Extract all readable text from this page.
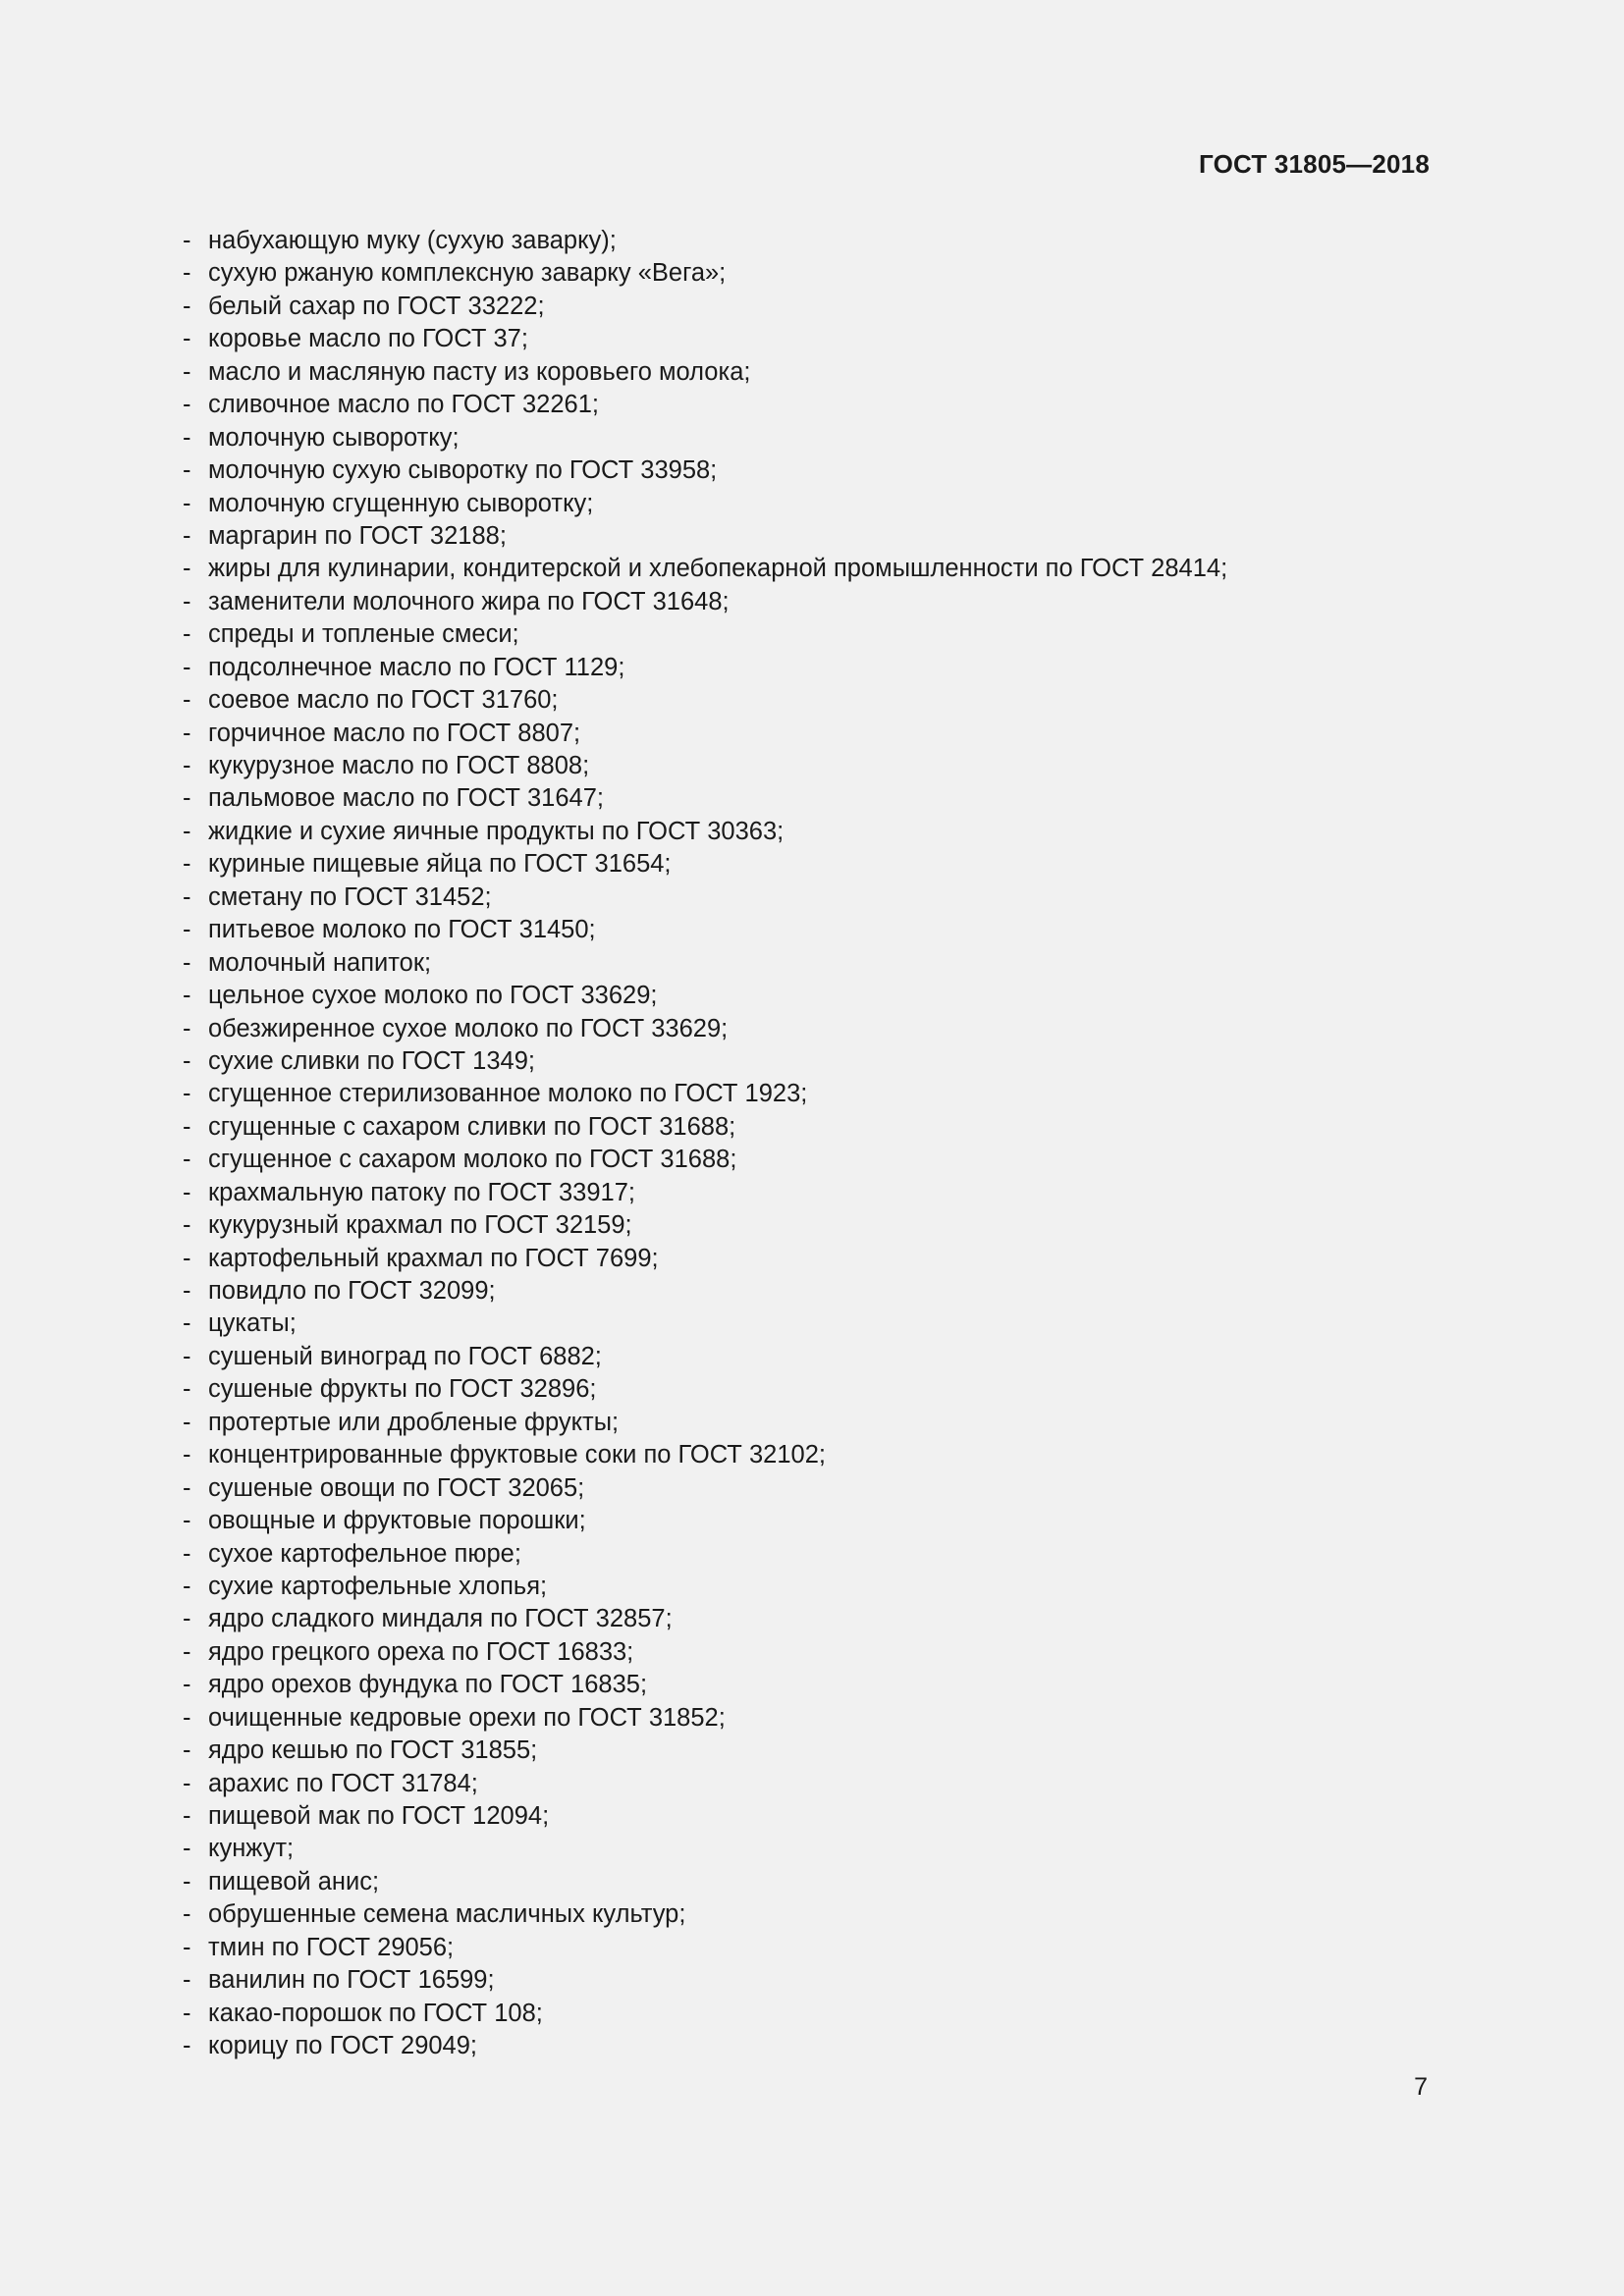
ГОСТ 31805—2018
- набухающую муку (сухую заварку);
- сухую ржаную комплексную заварку «Вега»;
- белый сахар по ГОСТ 33222;
- коровье масло по ГОСТ 37;
- масло и масляную пасту из коровьего молока;
- сливочное масло по ГОСТ 32261;
- молочную сыворотку;
- молочную сухую сыворотку по ГОСТ 33958;
- молочную сгущенную сыворотку;
- маргарин по ГОСТ 32188;
- жиры для кулинарии, кондитерской и хлебопекарной промышленности по ГОСТ 28414;
- заменители молочного жира по ГОСТ 31648;
- спреды и топленые смеси;
- подсолнечное масло по ГОСТ 1129;
- соевое масло по ГОСТ 31760;
- горчичное масло по ГОСТ 8807;
- кукурузное масло по ГОСТ 8808;
- пальмовое масло по ГОСТ 31647;
- жидкие и сухие яичные продукты по ГОСТ 30363;
- куриные пищевые яйца по ГОСТ 31654;
- сметану по ГОСТ 31452;
- питьевое молоко по ГОСТ 31450;
- молочный напиток;
- цельное сухое молоко по ГОСТ 33629;
- обезжиренное сухое молоко по ГОСТ 33629;
- сухие сливки по ГОСТ 1349;
- сгущенное стерилизованное молоко по ГОСТ 1923;
- сгущенные с сахаром сливки по ГОСТ 31688;
- сгущенное с сахаром молоко по ГОСТ 31688;
- крахмальную патоку по ГОСТ 33917;
- кукурузный крахмал по ГОСТ 32159;
- картофельный крахмал по ГОСТ 7699;
- повидло по ГОСТ 32099;
- цукаты;
- сушеный виноград по ГОСТ 6882;
- сушеные фрукты по ГОСТ 32896;
- протертые или дробленые фрукты;
- концентрированные фруктовые соки по ГОСТ 32102;
- сушеные овощи по ГОСТ 32065;
- овощные и фруктовые порошки;
- сухое картофельное пюре;
- сухие картофельные хлопья;
- ядро сладкого миндаля по ГОСТ 32857;
- ядро грецкого ореха по ГОСТ 16833;
- ядро орехов фундука по ГОСТ 16835;
- очищенные кедровые орехи по ГОСТ 31852;
- ядро кешью по ГОСТ 31855;
- арахис по ГОСТ 31784;
- пищевой мак по ГОСТ 12094;
- кунжут;
- пищевой анис;
- обрушенные семена масличных культур;
- тмин по ГОСТ 29056;
- ванилин по ГОСТ 16599;
- какао-порошок по ГОСТ 108;
- корицу по ГОСТ 29049;
7
